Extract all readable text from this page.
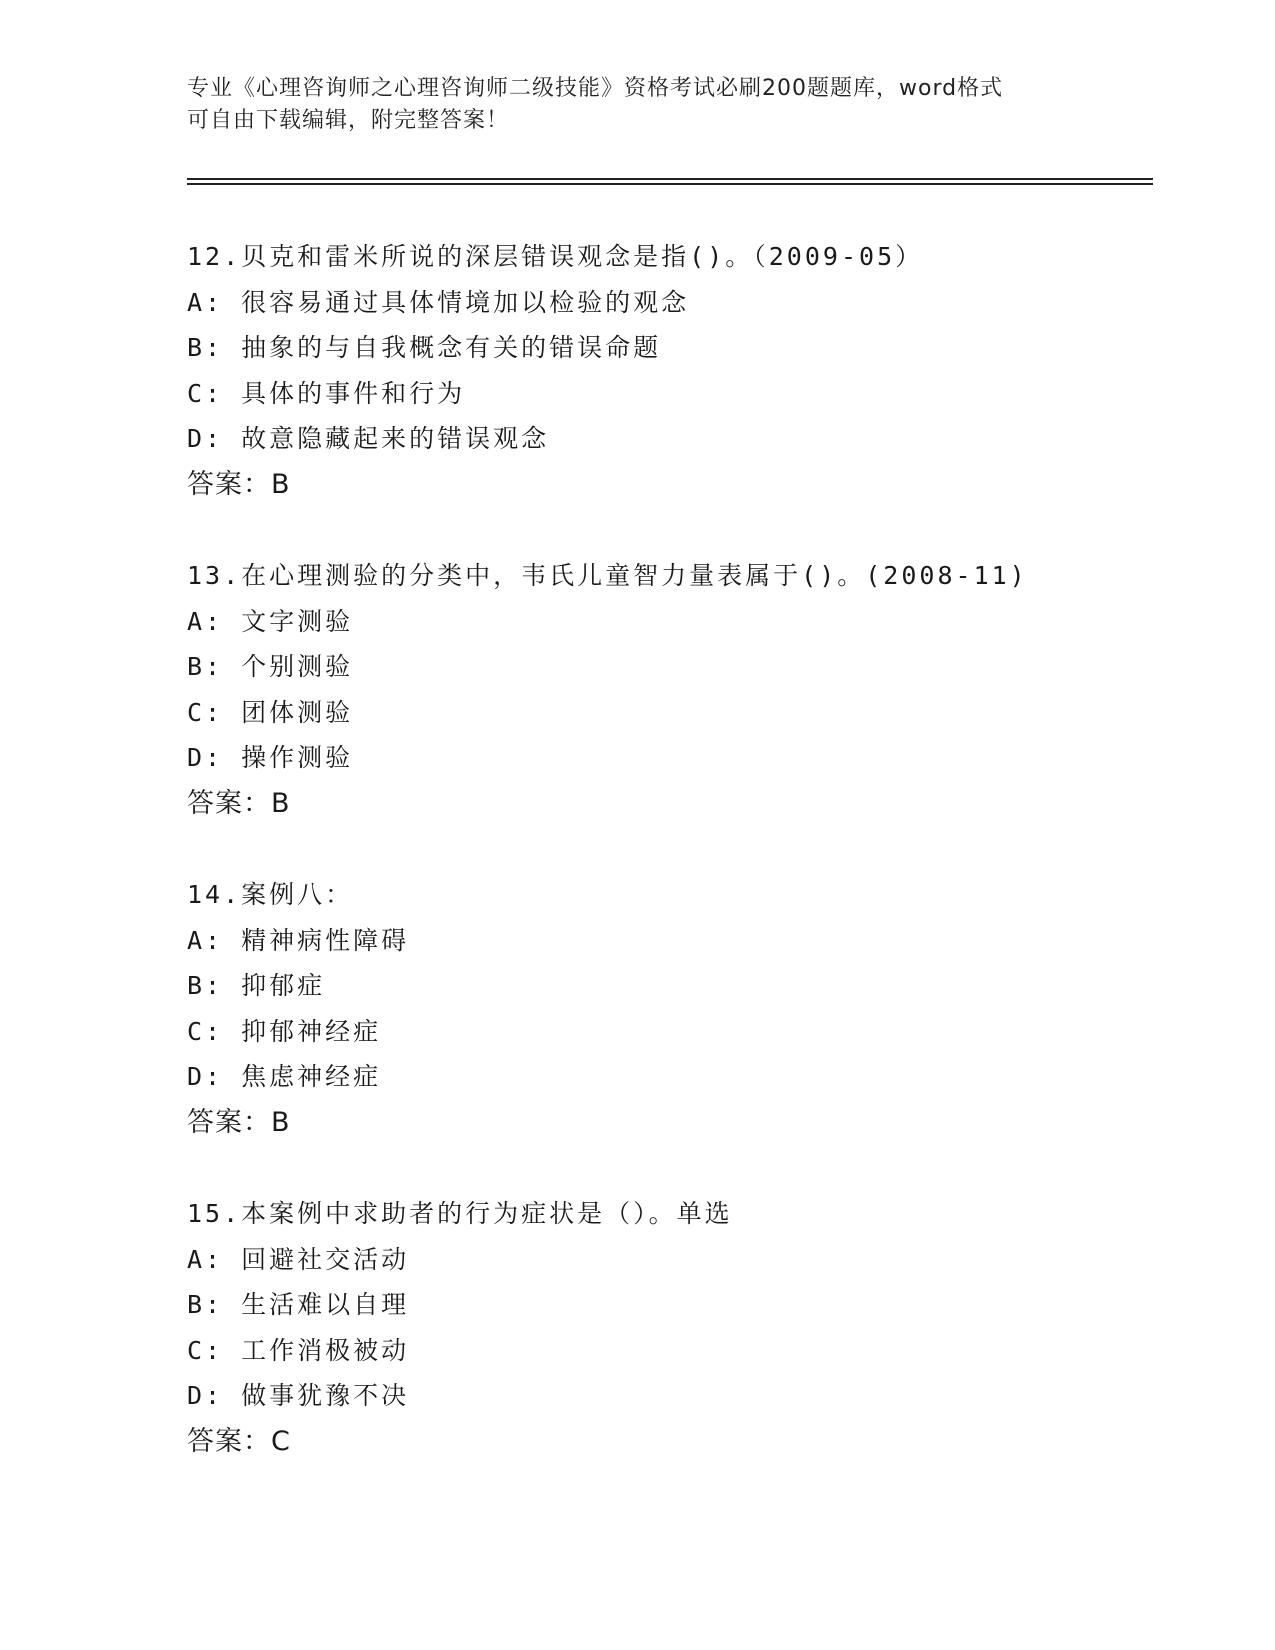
专业《心理咨询师之心理咨询师二级技能》资格考试必刷200题题库，word格式
可自由下载编辑，附完整答案！
12.贝克和雷米所说的深层错误观念是指()。（2009-05）
A: 很容易通过具体情境加以检验的观念
B: 抽象的与自我概念有关的错误命题
C: 具体的事件和行为
D: 故意隐藏起来的错误观念
答案：B
13.在心理测验的分类中，韦氏儿童智力量表属于()。(2008-11)
A: 文字测验
B: 个别测验
C: 团体测验
D: 操作测验
答案：B
14.案例八：
A: 精神病性障碍
B: 抑郁症
C: 抑郁神经症
D: 焦虑神经症
答案：B
15.本案例中求助者的行为症状是（）。单选
A: 回避社交活动
B: 生活难以自理
C: 工作消极被动
D: 做事犹豫不决
答案：C
